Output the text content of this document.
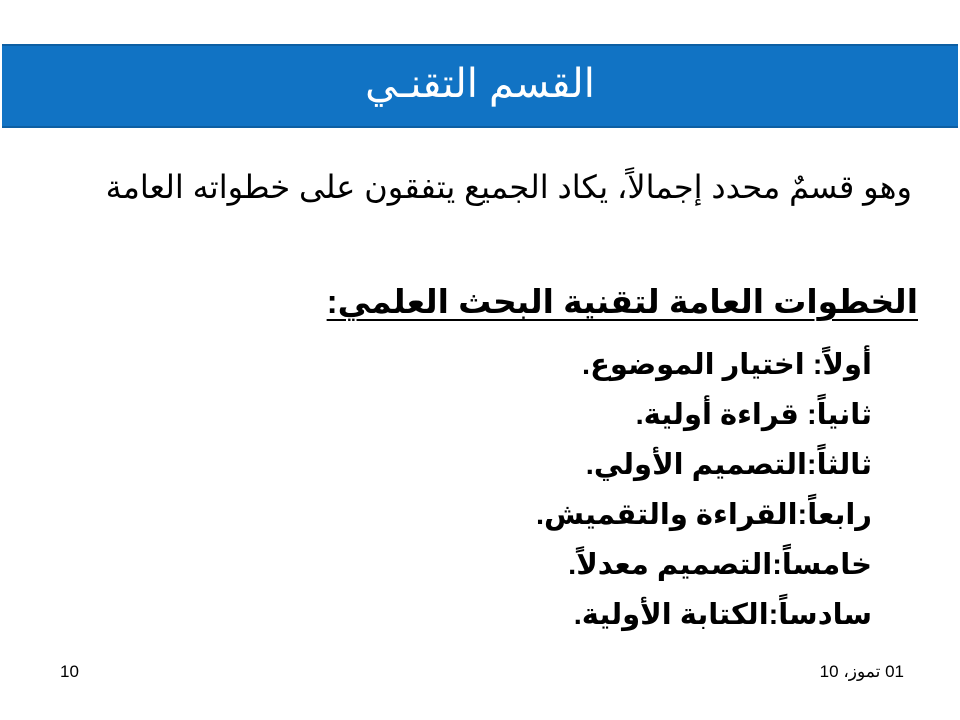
القسم التقنـي
وهو قسمٌ محدد إجمالاً، يكاد الجميع يتفقون على خطواته العامة
الخطوات العامة لتقنية البحث العلمي:
أولاً: اختيار الموضوع.
ثانياً: قراءة أولية.
ثالثاً:التصميم الأولي.
رابعاً:القراءة والتقميش.
خامساً:التصميم معدلاً.
سادساً:الكتابة الأولية.
01 تموز، 10
10
